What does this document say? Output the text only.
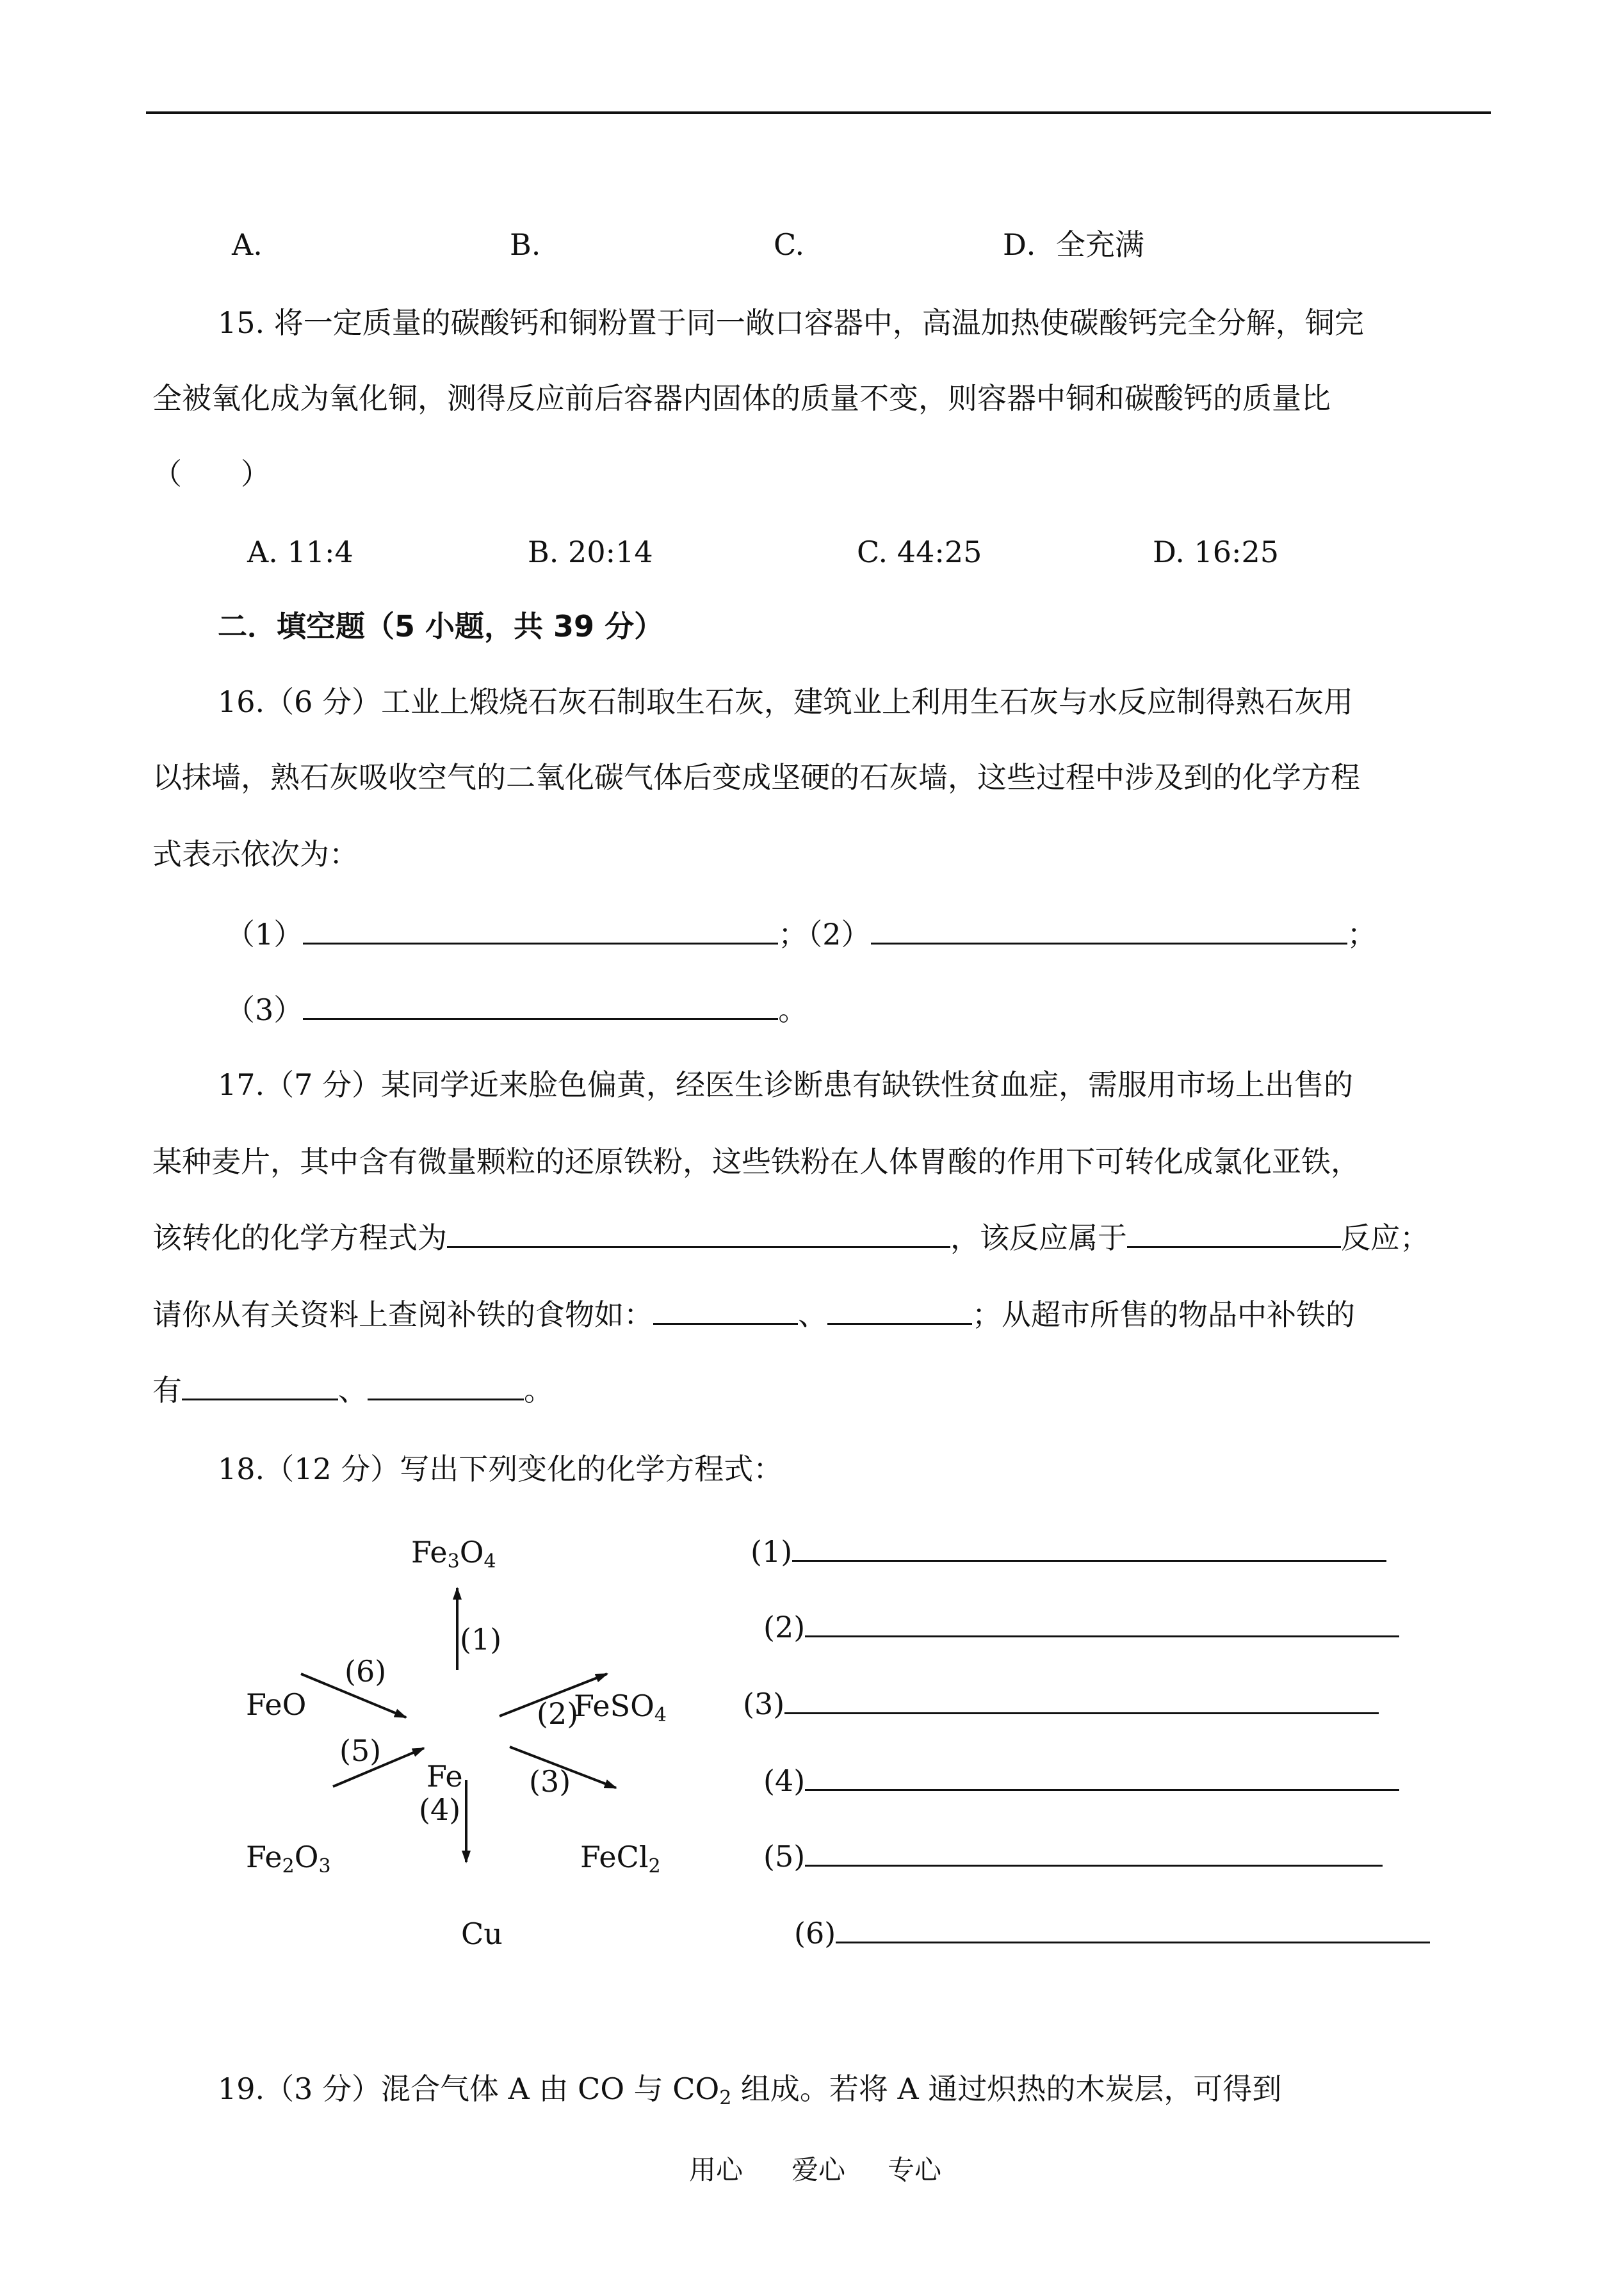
A.	B.	C.	D．全充满
15. 将一定质量的碳酸钙和铜粉置于同一敞口容器中，高温加热使碳酸钙完全分解，铜完
全被氧化成为氧化铜，测得反应前后容器内固体的质量不变，则容器中铜和碳酸钙的质量比
（　　）
A. 11:4	B. 20:14	C. 44:25	D. 16:25
二．填空题（5 小题，共 39 分）
16.（6 分）工业上煅烧石灰石制取生石灰，建筑业上利用生石灰与水反应制得熟石灰用
以抹墙，熟石灰吸收空气的二氧化碳气体后变成坚硬的石灰墙，这些过程中涉及到的化学方程
式表示依次为：
（1）	；（2）	；
（3）	。
17.（7 分）某同学近来脸色偏黄，经医生诊断患有缺铁性贫血症，需服用市场上出售的
某种麦片，其中含有微量颗粒的还原铁粉，这些铁粉在人体胃酸的作用下可转化成氯化亚铁，
该转化的化学方程式为	，该反应属于	反应；
请你从有关资料上查阅补铁的食物如：	、	；从超市所售的物品中补铁的
有	、	。
18.（12 分）写出下列变化的化学方程式：
$Fe_3O_4$
FeO	FeSO$_4$
Fe
$Fe_2O_3$	FeCl$_2$
Cu
(1)
(2)
(3)
(4)
(5)
(6)
(1)
(2)
(3)
(4)
(5)
(6)
19.（3 分）混合气体 A 由 CO 与 $CO_2$ 组成。若将 A 通过炽热的木炭层，可得到
用心 爱心 专心
